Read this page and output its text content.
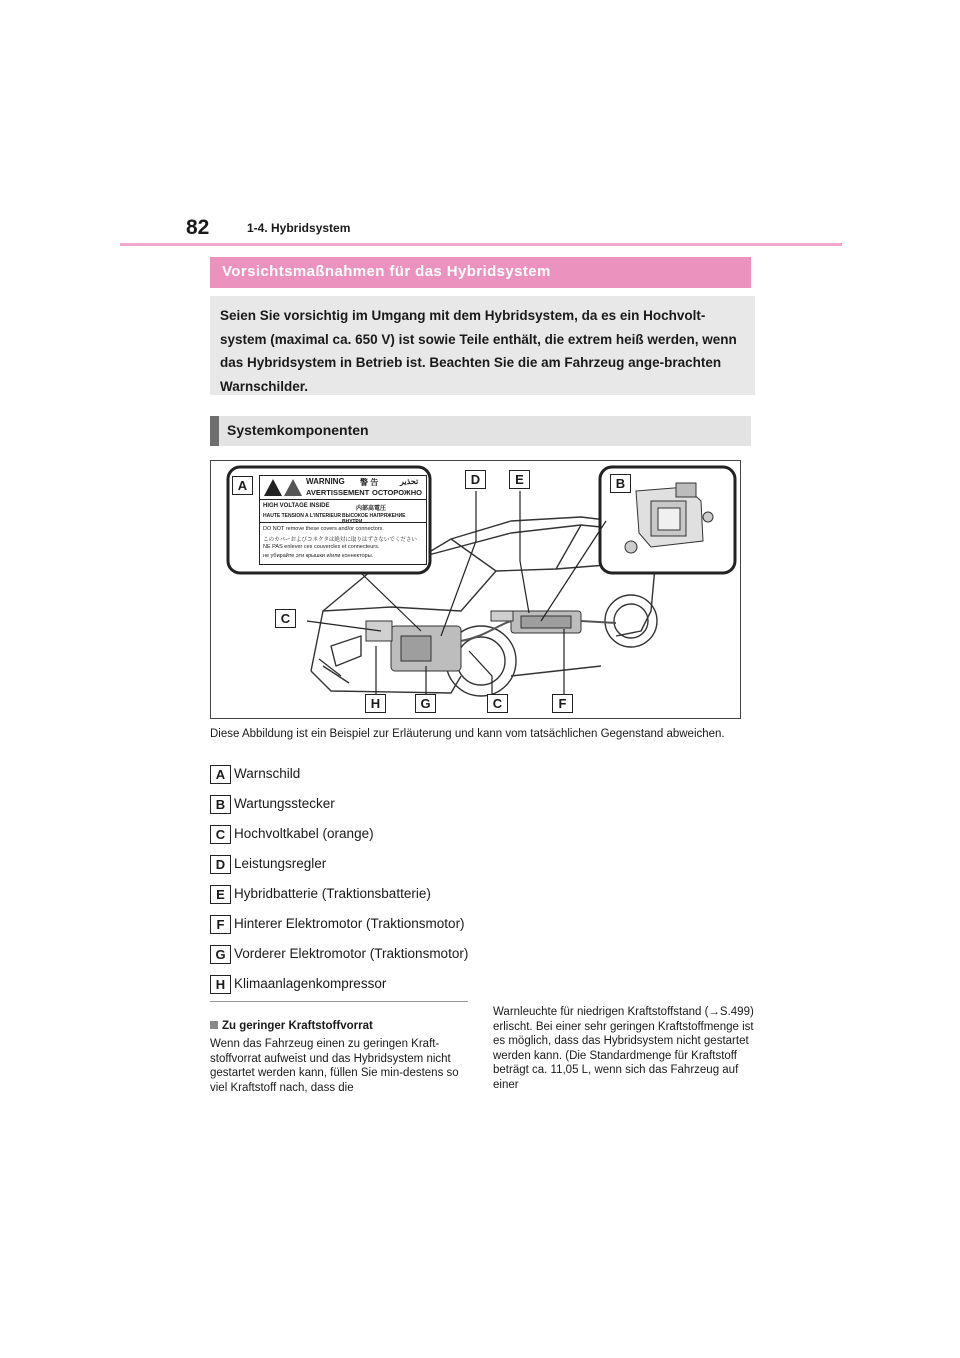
82	1-4. Hybridsystem
Vorsichtsmaßnahmen für das Hybridsystem
Seien Sie vorsichtig im Umgang mit dem Hybridsystem, da es ein Hochvolt-system (maximal ca. 650 V) ist sowie Teile enthält, die extrem heiß werden, wenn das Hybridsystem in Betrieb ist. Beachten Sie die am Fahrzeug ange-brachten Warnschilder.
Systemkomponenten
WARNING 警 告	تحذير
AVERTISSEMENT ОСТОРОЖНО
HIGH VOLTAGE INSIDE	内部高電圧
HAUTE TENSION A L'INTERIEUR ВЫСОКОЕ НАПРЯЖЕНИЕ
DO NOT remove these covers and/or connectors.
このカバーおよびコネクタは絶対に取りはずさないでください
NE PAS enlever ces couvercles et connecteurs.
не убирайте эти крышки и/или коннекторы.
A	B
C
D	E
C	F
G
H
Diese Abbildung ist ein Beispiel zur Erläuterung und kann vom tatsächlichen Gegenstand abweichen.
A Warnschild
B Wartungsstecker
C Hochvoltkabel (orange)
D Leistungsregler
E Hybridbatterie (Traktionsbatterie)
F Hinterer Elektromotor (Traktionsmotor)
G Vorderer Elektromotor (Traktionsmotor)
H Klimaanlagenkompressor
Zu geringer Kraftstoffvorrat
Wenn das Fahrzeug einen zu geringen Kraft-stoffvorrat aufweist und das Hybridsystem nicht gestartet werden kann, füllen Sie min-destens so viel Kraftstoff nach, dass die
Warnleuchte für niedrigen Kraftstoffstand (→S.499) erlischt. Bei einer sehr geringen Kraftstoffmenge ist es möglich, dass das Hybridsystem nicht gestartet werden kann. (Die Standardmenge für Kraftstoff beträgt ca. 11,05 L, wenn sich das Fahrzeug auf einer
